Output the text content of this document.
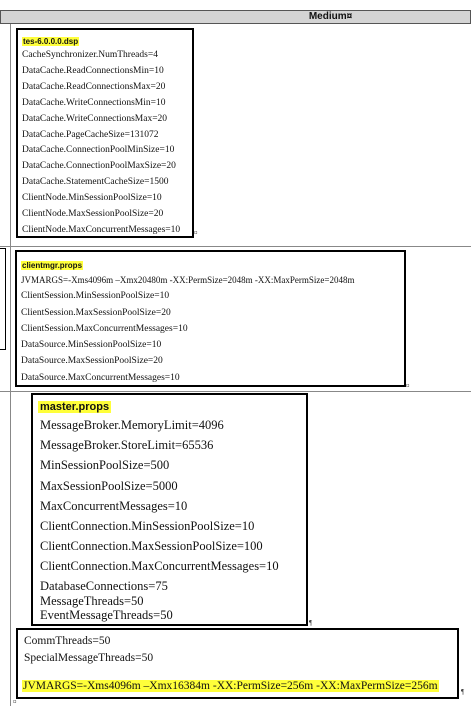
Medium¤
tes-6.0.0.0.dsp
CacheSynchronizer.NumThreads=4
DataCache.ReadConnectionsMin=10
DataCache.ReadConnectionsMax=20
DataCache.WriteConnectionsMin=10
DataCache.WriteConnectionsMax=20
DataCache.PageCacheSize=131072
DataCache.ConnectionPoolMinSize=10
DataCache.ConnectionPoolMaxSize=20
DataCache.StatementCacheSize=1500
ClientNode.MinSessionPoolSize=10
ClientNode.MaxSessionPoolSize=20
ClientNode.MaxConcurrentMessages=10 ¤
clientmgr.props
JVMARGS=-Xms4096m –Xmx20480m -XX:PermSize=2048m -XX:MaxPermSize=2048m
ClientSession.MinSessionPoolSize=10
ClientSession.MaxSessionPoolSize=20
ClientSession.MaxConcurrentMessages=10
DataSource.MinSessionPoolSize=10
DataSource.MaxSessionPoolSize=20
DataSource.MaxConcurrentMessages=10
¤
master.props
MessageBroker.MemoryLimit=4096
MessageBroker.StoreLimit=65536
MinSessionPoolSize=500
MaxSessionPoolSize=5000
MaxConcurrentMessages=10
ClientConnection.MinSessionPoolSize=10
ClientConnection.MaxSessionPoolSize=100
ClientConnection.MaxConcurrentMessages=10
DatabaseConnections=75
MessageThreads=50
EventMessageThreads=50
¶
CommThreads=50
SpecialMessageThreads=50
JVMARGS=-Xms4096m –Xmx16384m -XX:PermSize=256m -XX:MaxPermSize=256m	¶
¤
